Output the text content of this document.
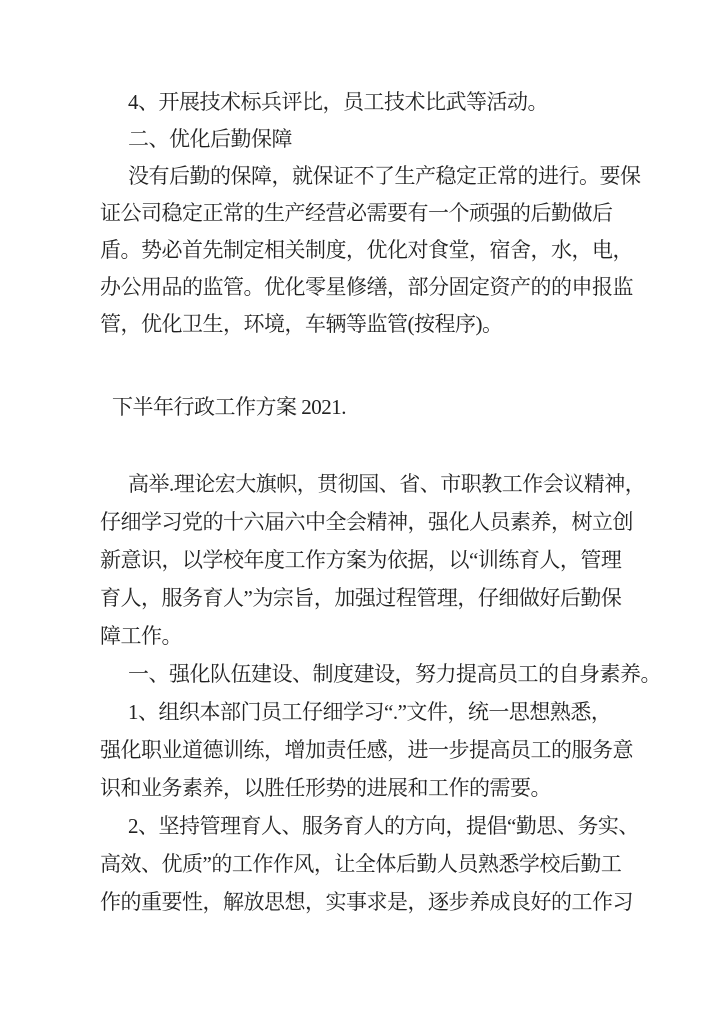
4、开展技术标兵评比，员工技术比武等活动。
二、优化后勤保障
没有后勤的保障，就保证不了生产稳定正常的进行。要保
证公司稳定正常的生产经营必需要有一个顽强的后勤做后
盾。势必首先制定相关制度，优化对食堂，宿舍，水，电，
办公用品的监管。优化零星修缮，部分固定资产的的申报监
管，优化卫生，环境，车辆等监管(按程序)。
下半年行政工作方案 2021.
高举.理论宏大旗帜，贯彻国、省、市职教工作会议精神，
仔细学习党的十六届六中全会精神，强化人员素养，树立创
新意识，以学校年度工作方案为依据，以“训练育人，管理
育人，服务育人”为宗旨，加强过程管理，仔细做好后勤保
障工作。
一、强化队伍建设、制度建设，努力提高员工的自身素养。
1、组织本部门员工仔细学习“.”文件，统一思想熟悉，
强化职业道德训练，增加责任感，进一步提高员工的服务意
识和业务素养，以胜任形势的进展和工作的需要。
2、坚持管理育人、服务育人的方向，提倡“勤思、务实、
高效、优质”的工作作风，让全体后勤人员熟悉学校后勤工
作的重要性，解放思想，实事求是，逐步养成良好的工作习
